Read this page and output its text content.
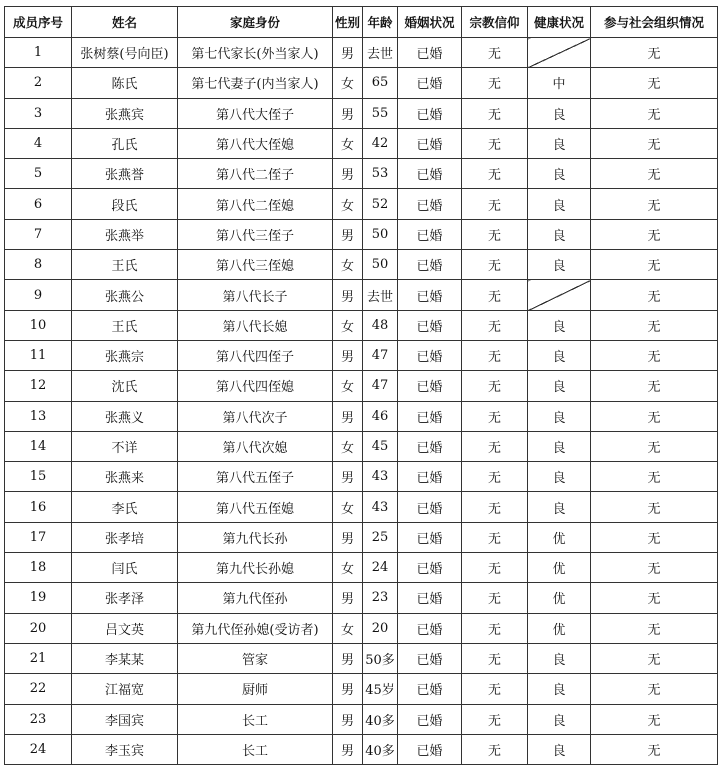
成员序号	姓名	家庭身份	性别	年龄	婚姻状况	宗教信仰	健康状况	参与社会组织情况
1	张树蔡(号向臣)	第七代家长(外当家人)	男	去世	已婚	无		无
2	陈氏	第七代妻子(内当家人)	女	65	已婚	无	中	无
3	张燕宾	第八代大侄子	男	55	已婚	无	良	无
4	孔氏	第八代大侄媳	女	42	已婚	无	良	无
5	张燕誉	第八代二侄子	男	53	已婚	无	良	无
6	段氏	第八代二侄媳	女	52	已婚	无	良	无
7	张燕举	第八代三侄子	男	50	已婚	无	良	无
8	王氏	第八代三侄媳	女	50	已婚	无	良	无
9	张燕公	第八代长子	男	去世	已婚	无		无
10	王氏	第八代长媳	女	48	已婚	无	良	无
11	张燕宗	第八代四侄子	男	47	已婚	无	良	无
12	沈氏	第八代四侄媳	女	47	已婚	无	良	无
13	张燕义	第八代次子	男	46	已婚	无	良	无
14	不详	第八代次媳	女	45	已婚	无	良	无
15	张燕来	第八代五侄子	男	43	已婚	无	良	无
16	李氏	第八代五侄媳	女	43	已婚	无	良	无
17	张孝培	第九代长孙	男	25	已婚	无	优	无
18	闫氏	第九代长孙媳	女	24	已婚	无	优	无
19	张孝泽	第九代侄孙	男	23	已婚	无	优	无
20	吕文英	第九代侄孙媳(受访者)	女	20	已婚	无	优	无
21	李某某	管家	男	50多	已婚	无	良	无
22	江福宽	厨师	男	45岁	已婚	无	良	无
23	李国宾	长工	男	40多	已婚	无	良	无
24	李玉宾	长工	男	40多	已婚	无	良	无
